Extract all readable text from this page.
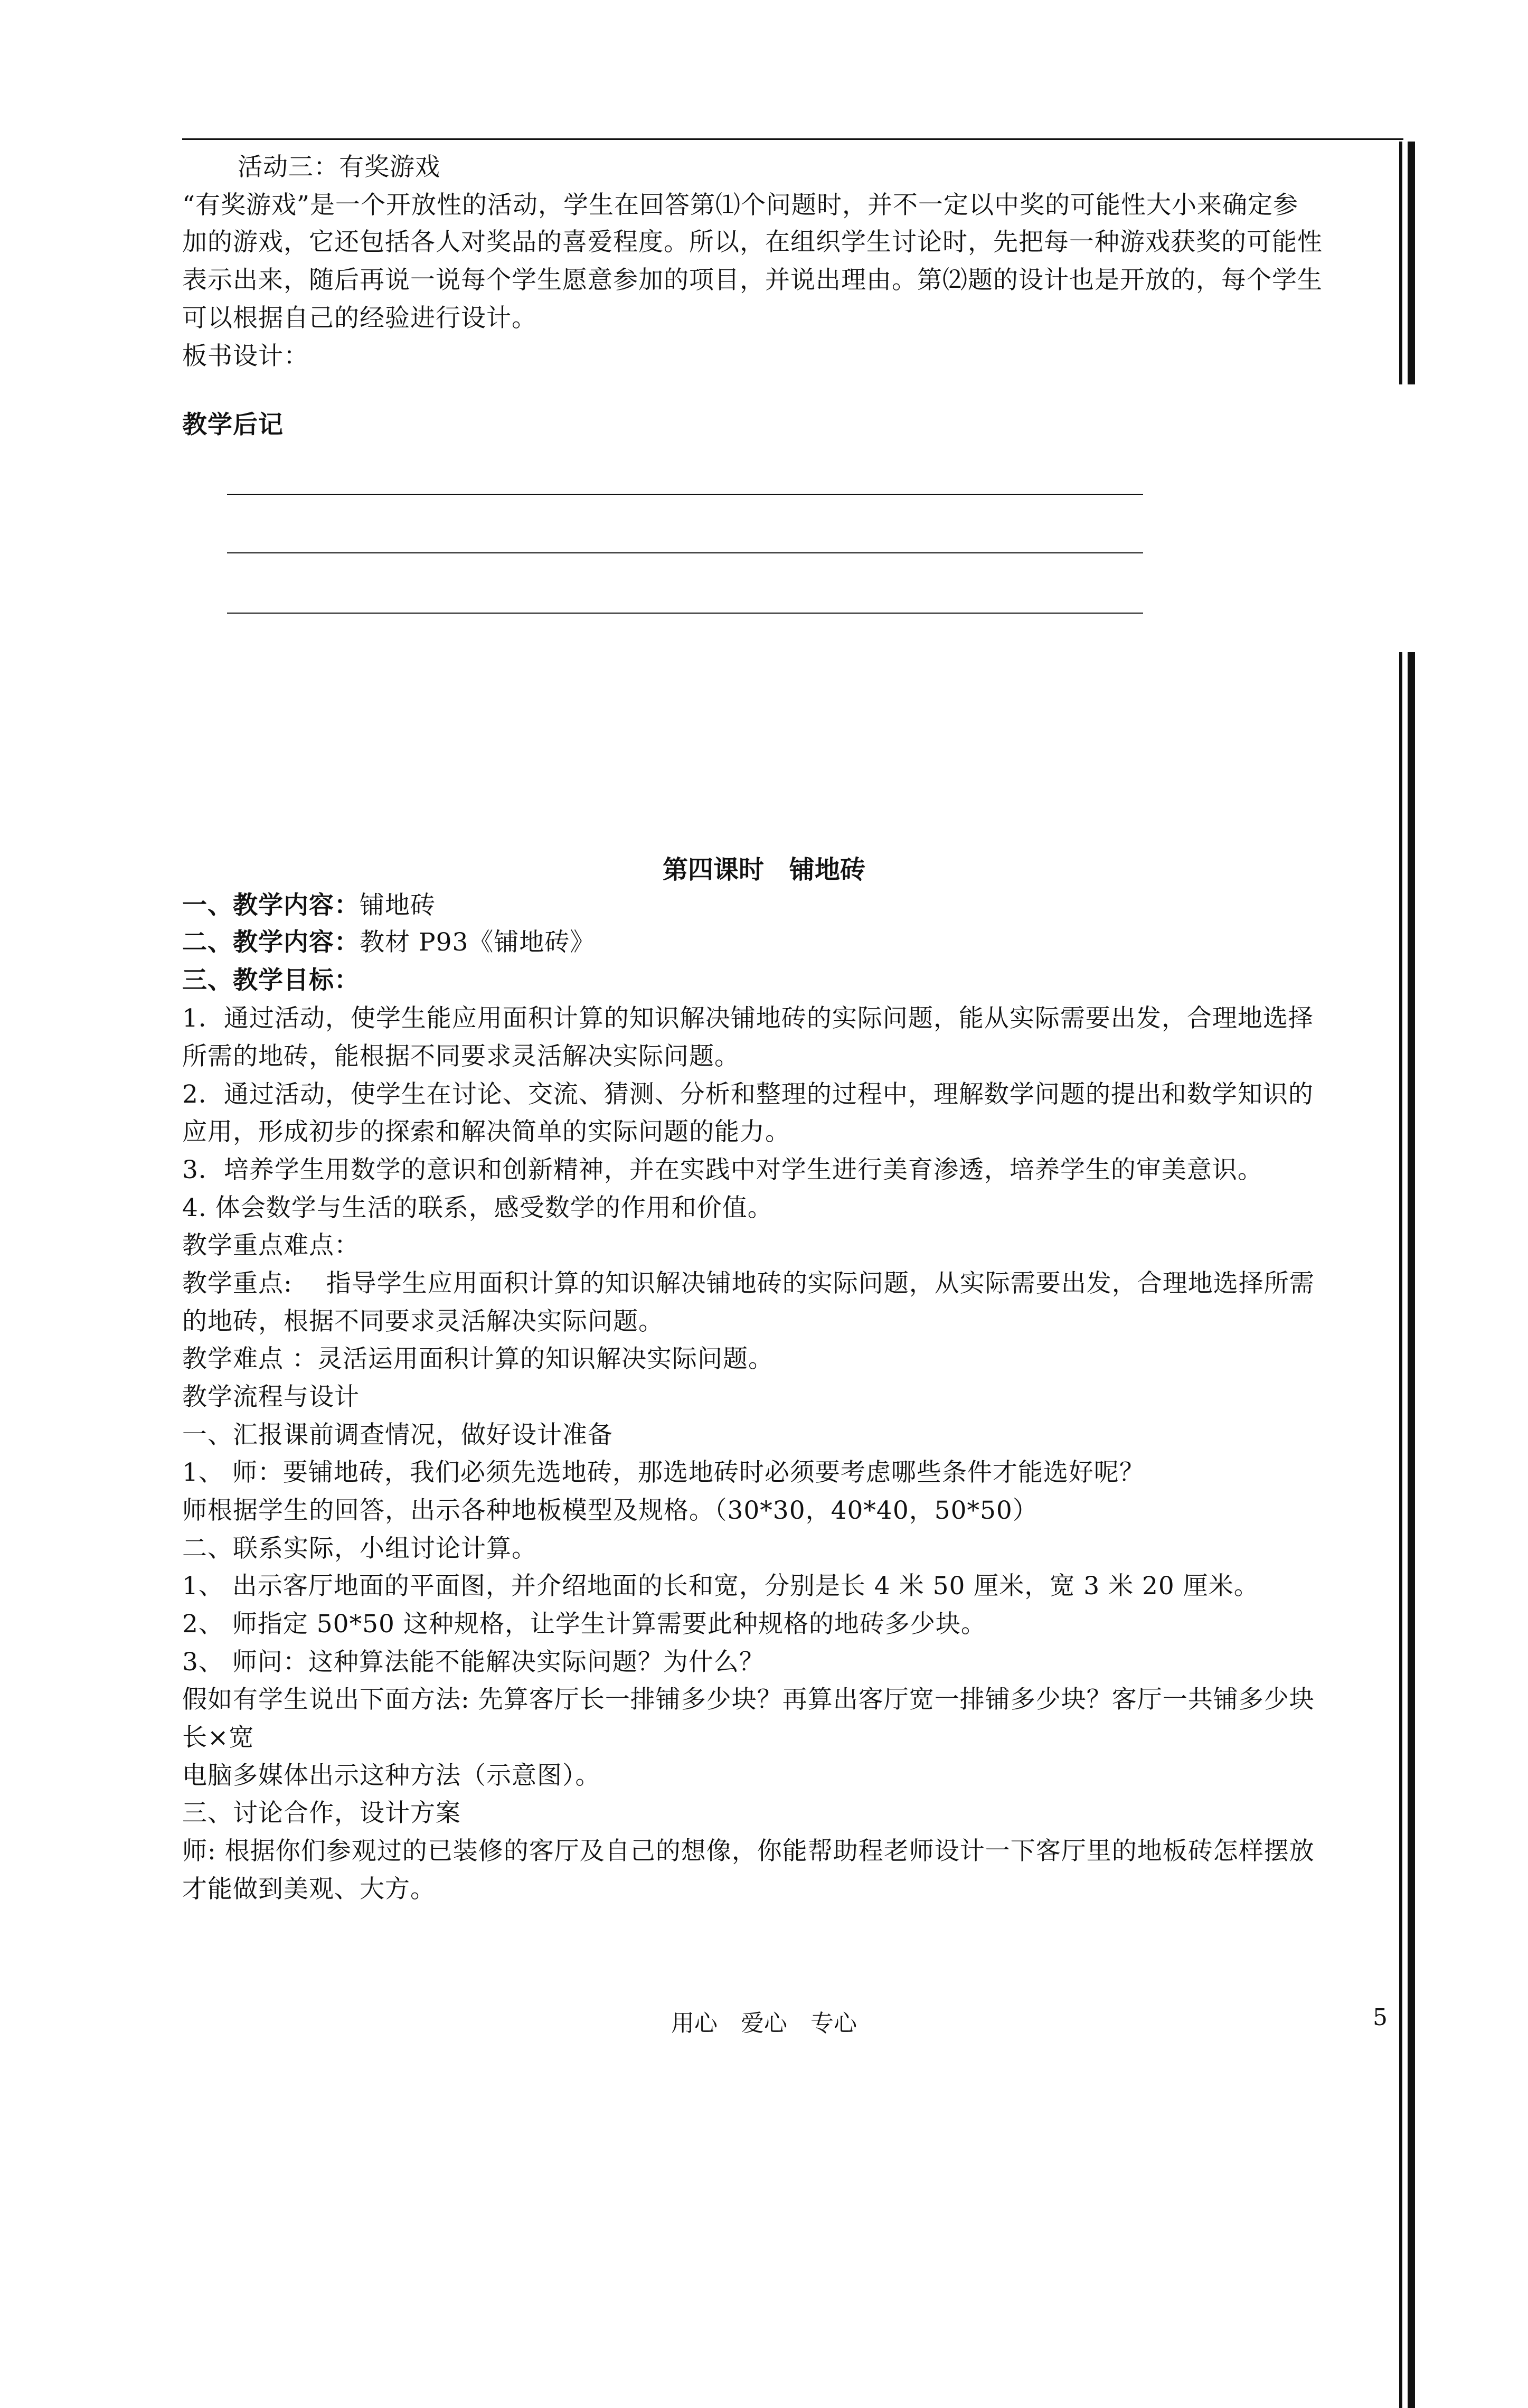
活动三：有奖游戏
“有奖游戏”是一个开放性的活动，学生在回答第⑴个问题时，并不一定以中奖的可能性大小来确定参
加的游戏，它还包括各人对奖品的喜爱程度。所以，在组织学生讨论时，先把每一种游戏获奖的可能性
表示出来，随后再说一说每个学生愿意参加的项目，并说出理由。第⑵题的设计也是开放的，每个学生
可以根据自己的经验进行设计。
板书设计：
教学后记
第四课时　铺地砖
一、教学内容：铺地砖
二、教学内容：教材 P93《铺地砖》
三、教学目标：
1．通过活动，使学生能应用面积计算的知识解决铺地砖的实际问题，能从实际需要出发，合理地选择
所需的地砖，能根据不同要求灵活解决实际问题。
2．通过活动，使学生在讨论、交流、猜测、分析和整理的过程中，理解数学问题的提出和数学知识的
应用，形成初步的探索和解决简单的实际问题的能力。
3．培养学生用数学的意识和创新精神，并在实践中对学生进行美育渗透，培养学生的审美意识。
4. 体会数学与生活的联系，感受数学的作用和价值。
教学重点难点：
教学重点:　 指导学生应用面积计算的知识解决铺地砖的实际问题，从实际需要出发，合理地选择所需
的地砖，根据不同要求灵活解决实际问题。
教学难点 ：灵活运用面积计算的知识解决实际问题。
教学流程与设计
一、汇报课前调查情况，做好设计准备
1、 师：要铺地砖，我们必须先选地砖，那选地砖时必须要考虑哪些条件才能选好呢？
师根据学生的回答，出示各种地板模型及规格。（30*30，40*40，50*50）
二、联系实际，小组讨论计算。
1、 出示客厅地面的平面图，并介绍地面的长和宽，分别是长 4 米 50 厘米，宽 3 米 20 厘米。
2、 师指定 50*50 这种规格，让学生计算需要此种规格的地砖多少块。
3、 师问：这种算法能不能解决实际问题？为什么？
假如有学生说出下面方法: 先算客厅长一排铺多少块？再算出客厅宽一排铺多少块？客厅一共铺多少块
长×宽
电脑多媒体出示这种方法（示意图）。
三、讨论合作，设计方案
师: 根据你们参观过的已装修的客厅及自己的想像，你能帮助程老师设计一下客厅里的地板砖怎样摆放
才能做到美观、大方。
用心　爱心　专心	5
